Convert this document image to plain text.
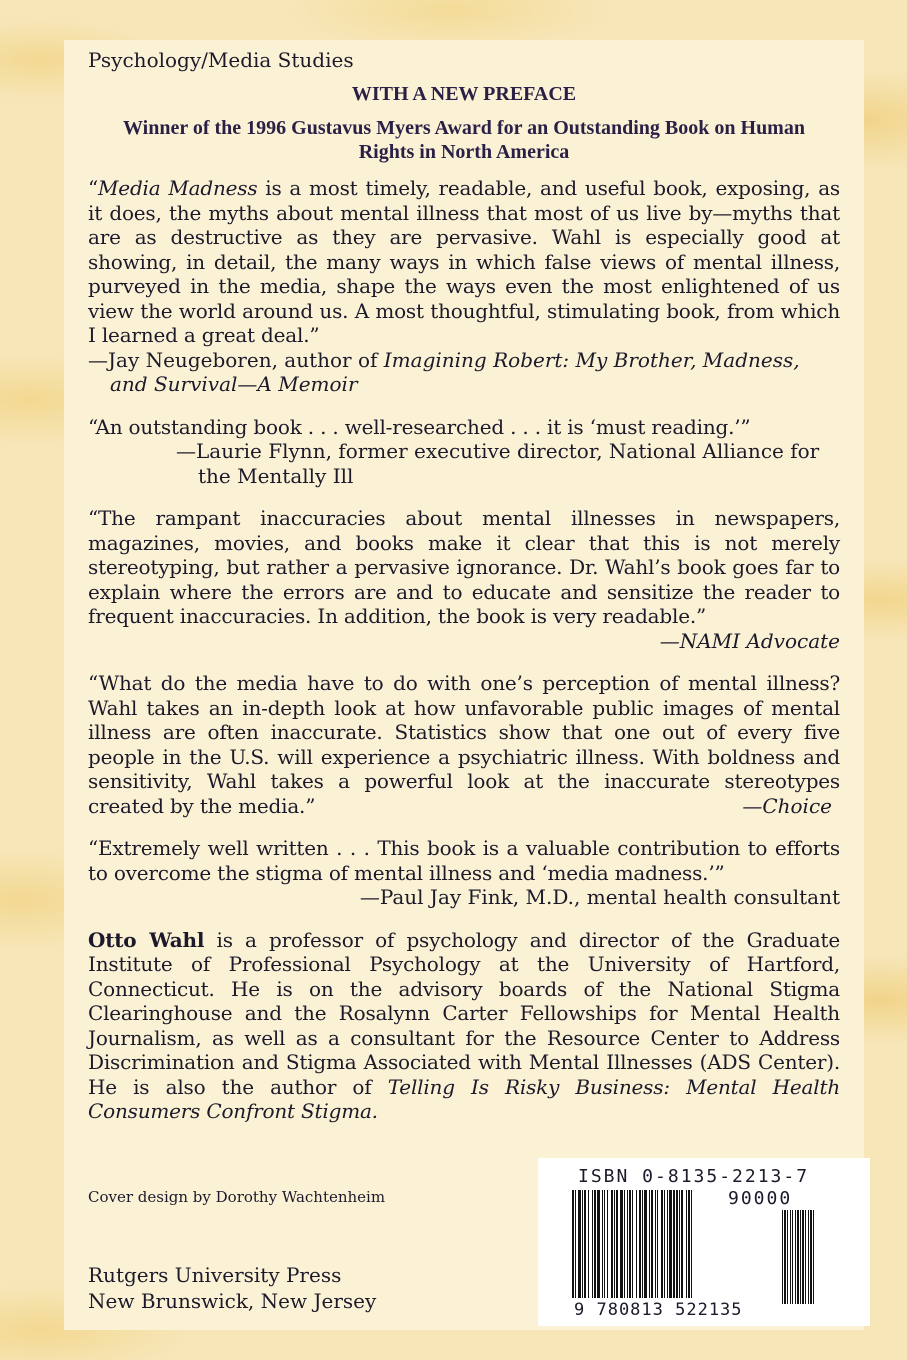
Psychology/Media Studies

WITH A NEW PREFACE

Winner of the 1996 Gustavus Myers Award for an Outstanding Book on Human Rights in North America

“Media Madness is a most timely, readable, and useful book, exposing, as it does, the myths about mental illness that most of us live by—myths that are as destructive as they are pervasive. Wahl is especially good at showing, in detail, the many ways in which false views of mental illness, purveyed in the media, shape the ways even the most enlightened of us view the world around us. A most thoughtful, stimulating book, from which I learned a great deal.”

—Jay Neugeboren, author of Imagining Robert: My Brother, Madness, and Survival—A Memoir

“An outstanding book . . . well-researched . . . it is ‘must reading.’”

—Laurie Flynn, former executive director, National Alliance for the Mentally Ill

“The rampant inaccuracies about mental illnesses in newspapers, magazines, movies, and books make it clear that this is not merely stereotyping, but rather a pervasive ignorance. Dr. Wahl’s book goes far to explain where the errors are and to educate and sensitize the reader to frequent inaccuracies. In addition, the book is very readable.”

—NAMI Advocate

“What do the media have to do with one’s perception of mental illness? Wahl takes an in-depth look at how unfavorable public images of mental illness are often inaccurate. Statistics show that one out of every five people in the U.S. will experience a psychiatric illness. With boldness and sensitivity, Wahl takes a powerful look at the inaccurate stereotypes created by the media.”	—Choice

“Extremely well written . . . This book is a valuable contribution to efforts to overcome the stigma of mental illness and ‘media madness.’”

—Paul Jay Fink, M.D., mental health consultant

Otto Wahl is a professor of psychology and director of the Graduate Institute of Professional Psychology at the University of Hartford, Connecticut. He is on the advisory boards of the National Stigma Clearinghouse and the Rosalynn Carter Fellowships for Mental Health Journalism, as well as a consultant for the Resource Center to Address Discrimination and Stigma Associated with Mental Illnesses (ADS Center). He is also the author of Telling Is Risky Business: Mental Health Consumers Confront Stigma.

Cover design by Dorothy Wachtenheim
Rutgers University Press
New Brunswick, New Jersey
ISBN 0-8135-2213-7
90000
9 780813 522135
